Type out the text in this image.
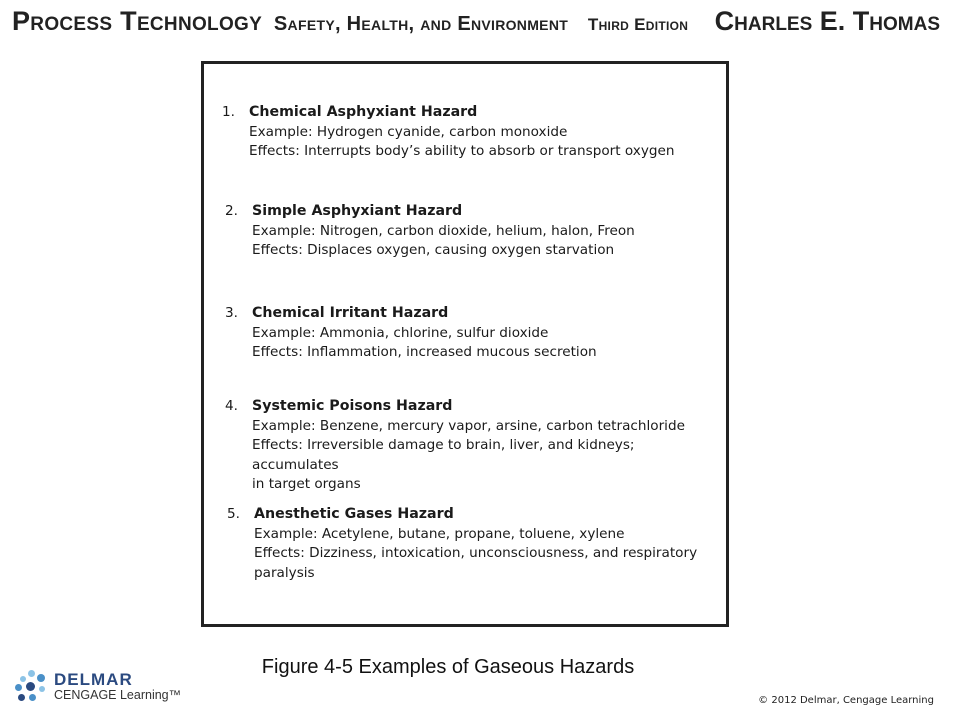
Process Technology Safety, Health, and Environment Third Edition Charles E. Thomas
1. Chemical Asphyxiant Hazard
Example: Hydrogen cyanide, carbon monoxide
Effects: Interrupts body’s ability to absorb or transport oxygen
2. Simple Asphyxiant Hazard
Example: Nitrogen, carbon dioxide, helium, halon, Freon
Effects: Displaces oxygen, causing oxygen starvation
3. Chemical Irritant Hazard
Example: Ammonia, chlorine, sulfur dioxide
Effects: Inflammation, increased mucous secretion
4. Systemic Poisons Hazard
Example: Benzene, mercury vapor, arsine, carbon tetrachloride
Effects: Irreversible damage to brain, liver, and kidneys; accumulates
in target organs
5. Anesthetic Gases Hazard
Example: Acetylene, butane, propane, toluene, xylene
Effects: Dizziness, intoxication, unconsciousness, and respiratory
paralysis
Figure 4-5 Examples of Gaseous Hazards
DELMAR
CENGAGE Learning™	© 2012 Delmar, Cengage Learning
